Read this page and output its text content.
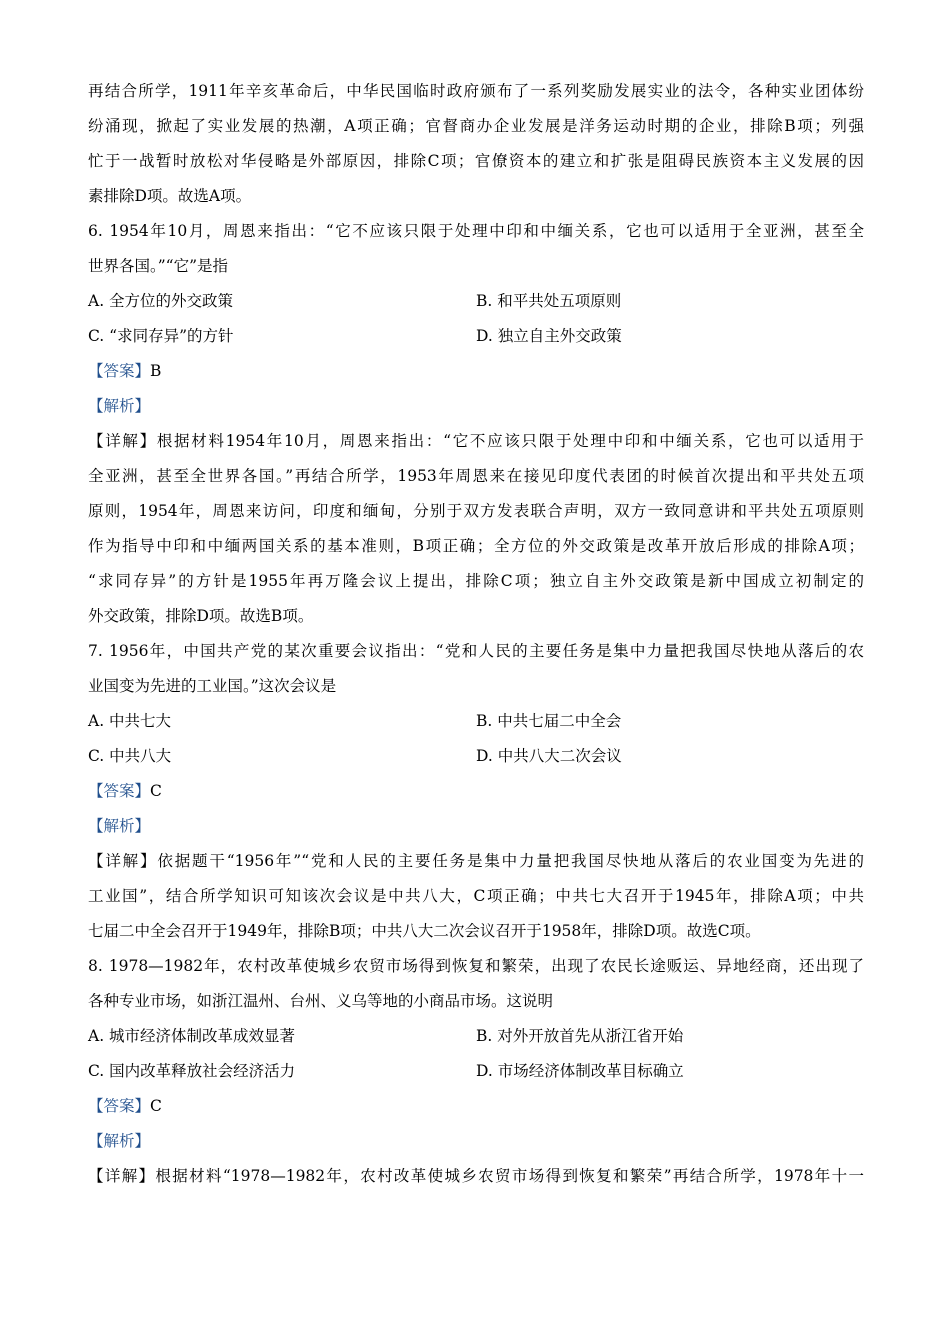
再结合所学，1911年辛亥革命后，中华民国临时政府颁布了一系列奖励发展实业的法令，各种实业团体纷
纷涌现，掀起了实业发展的热潮，A项正确；官督商办企业发展是洋务运动时期的企业，排除B项；列强
忙于一战暂时放松对华侵略是外部原因，排除C项；官僚资本的建立和扩张是阻碍民族资本主义发展的因
素排除D项。故选A项。
6. 1954年10月，周恩来指出：“它不应该只限于处理中印和中缅关系，它也可以适用于全亚洲，甚至全
世界各国。”“它”是指
A. 全方位的外交政策	B. 和平共处五项原则
C. “求同存异”的方针	D. 独立自主外交政策
【答案】B
【解析】
【详解】根据材料1954年10月，周恩来指出：“它不应该只限于处理中印和中缅关系，它也可以适用于
全亚洲，甚至全世界各国。”再结合所学，1953年周恩来在接见印度代表团的时候首次提出和平共处五项
原则，1954年，周恩来访问，印度和缅甸，分别于双方发表联合声明，双方一致同意讲和平共处五项原则
作为指导中印和中缅两国关系的基本准则，B项正确；全方位的外交政策是改革开放后形成的排除A项；
“求同存异”的方针是1955年再万隆会议上提出，排除C项；独立自主外交政策是新中国成立初制定的
外交政策，排除D项。故选B项。
7. 1956年，中国共产党的某次重要会议指出：“党和人民的主要任务是集中力量把我国尽快地从落后的农
业国变为先进的工业国。”这次会议是
A. 中共七大	B. 中共七届二中全会
C. 中共八大	D. 中共八大二次会议
【答案】C
【解析】
【详解】依据题干“1956年”“党和人民的主要任务是集中力量把我国尽快地从落后的农业国变为先进的
工业国”，结合所学知识可知该次会议是中共八大，C项正确；中共七大召开于1945年，排除A项；中共
七届二中全会召开于1949年，排除B项；中共八大二次会议召开于1958年，排除D项。故选C项。
8. 1978—1982年，农村改革使城乡农贸市场得到恢复和繁荣，出现了农民长途贩运、异地经商，还出现了
各种专业市场，如浙江温州、台州、义乌等地的小商品市场。这说明
A. 城市经济体制改革成效显著	B. 对外开放首先从浙江省开始
C. 国内改革释放社会经济活力	D. 市场经济体制改革目标确立
【答案】C
【解析】
【详解】根据材料“1978—1982年，农村改革使城乡农贸市场得到恢复和繁荣”再结合所学，1978年十一
